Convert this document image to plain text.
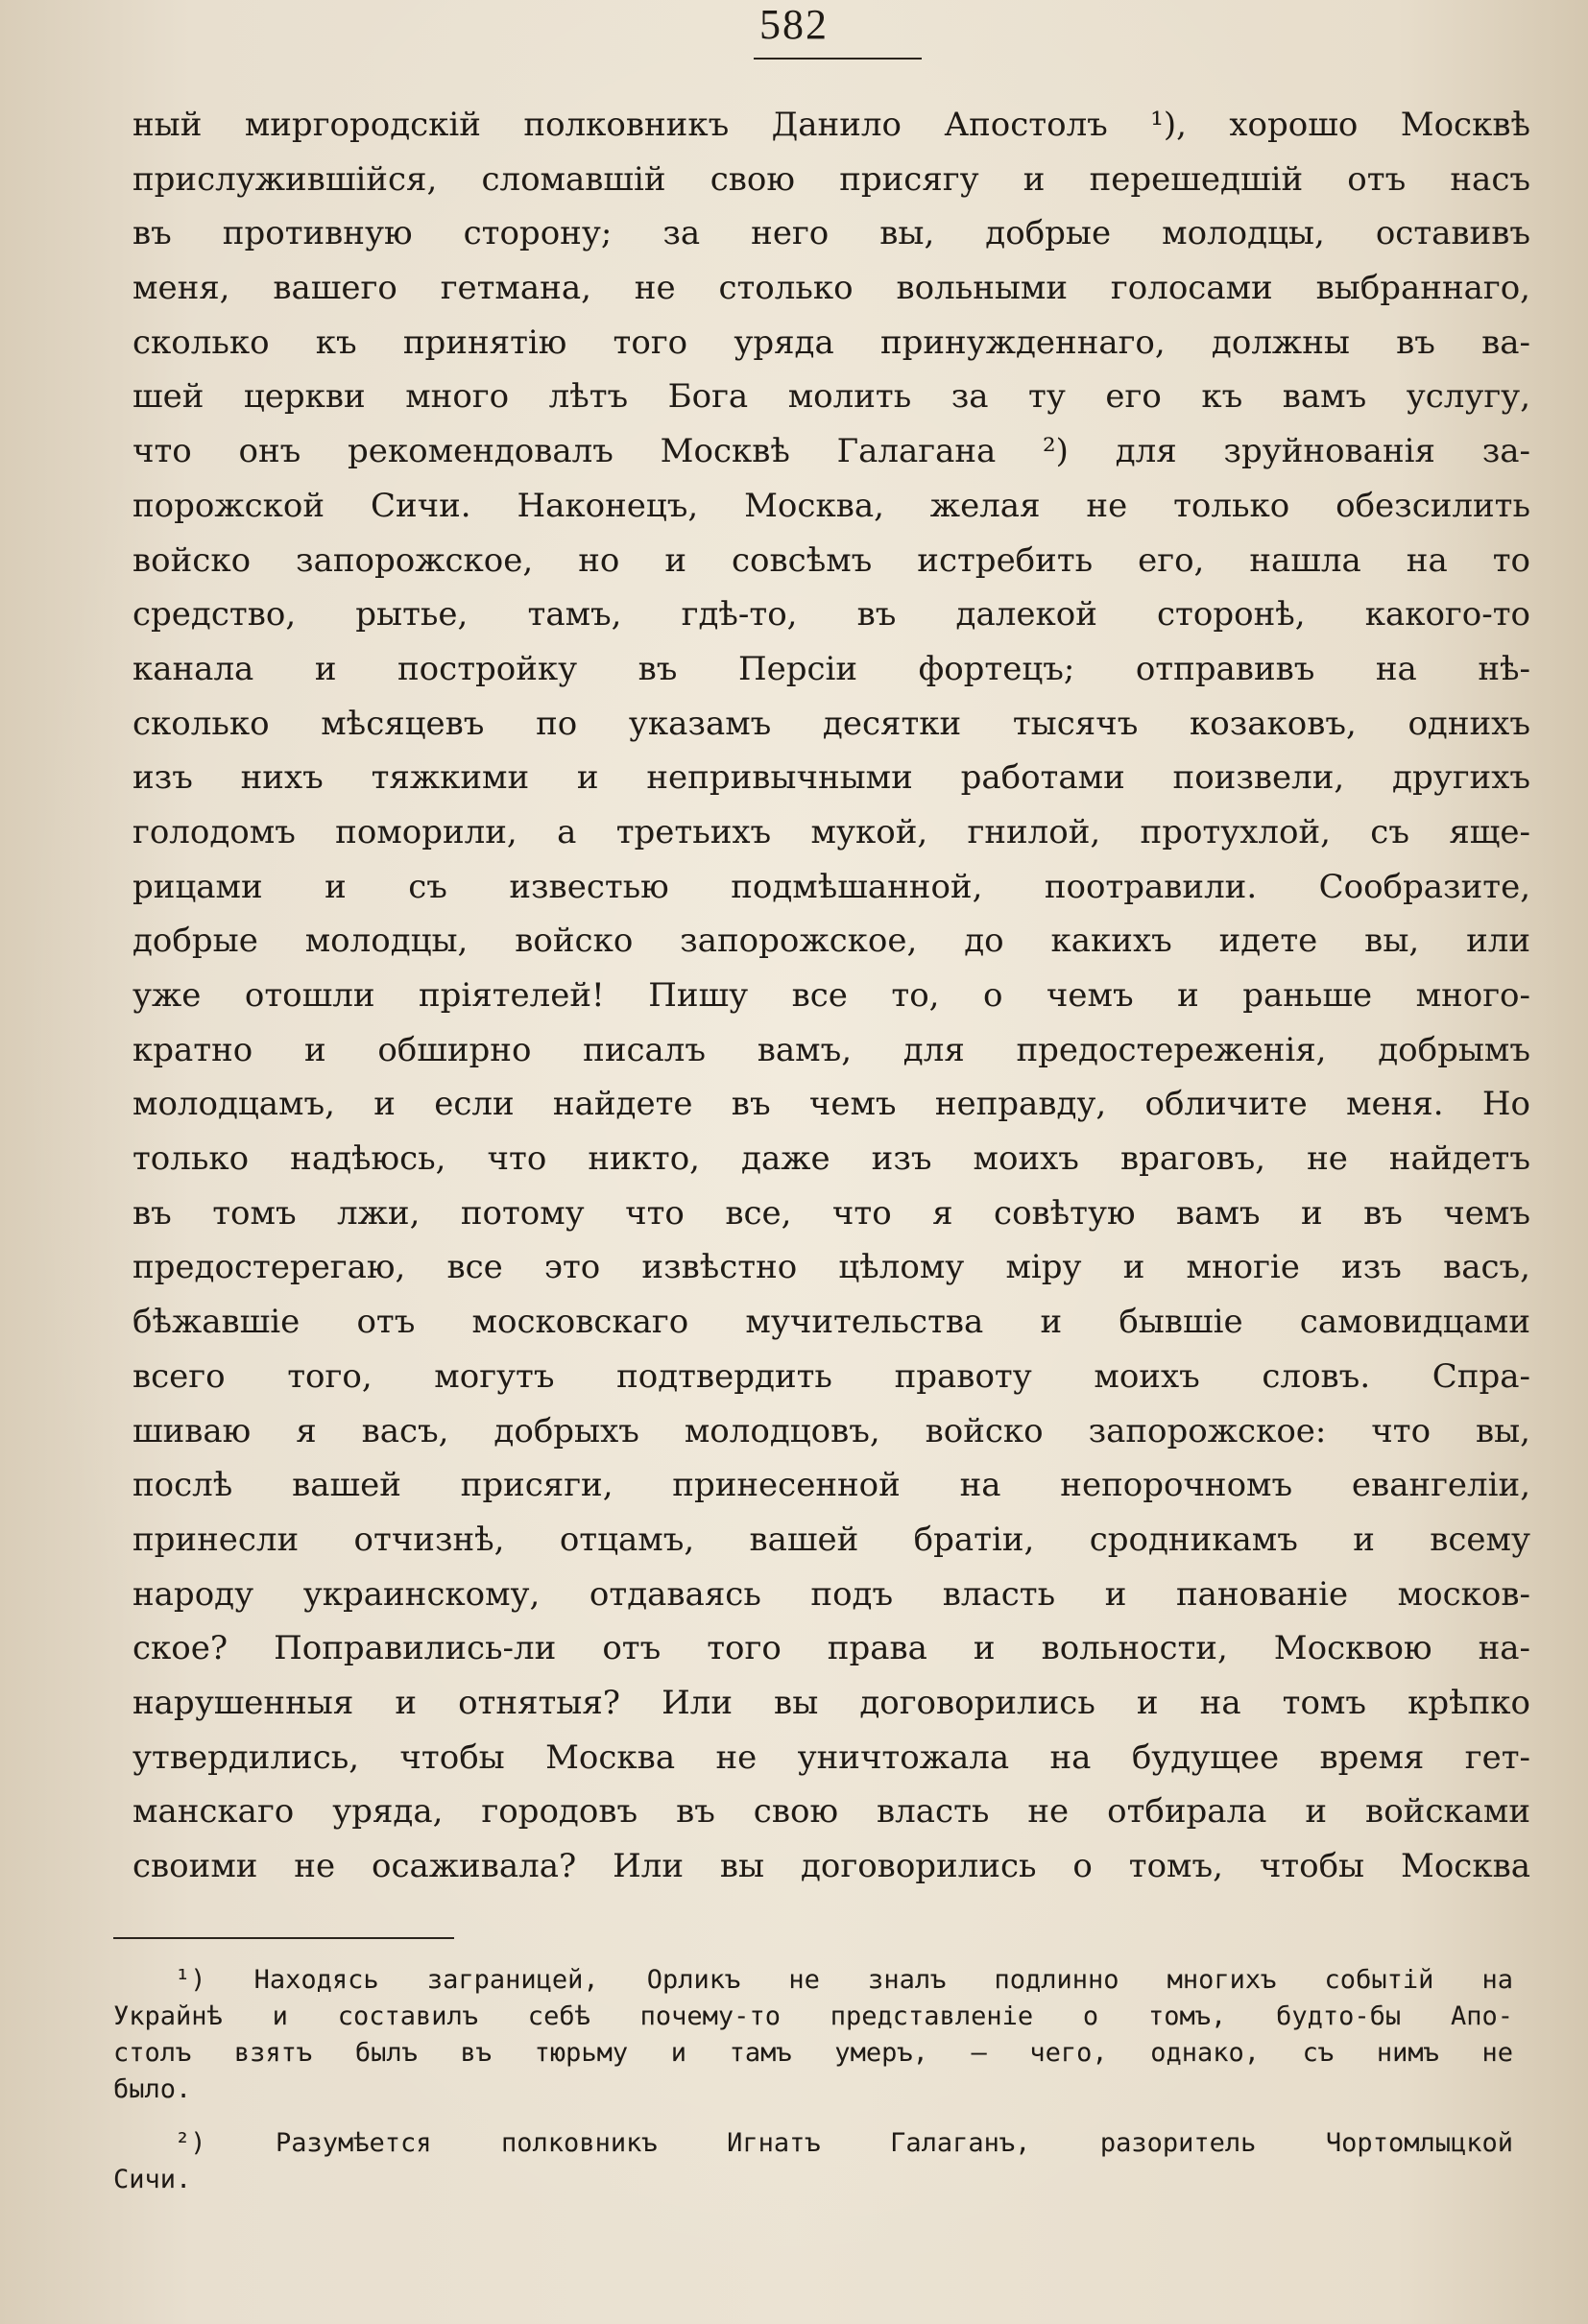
582
ный миргородскій полковникъ Данило Апостолъ ¹), хорошо Москвѣ
прислужившійся, сломавшій свою присягу и перешедшій отъ насъ
въ противную сторону; за него вы, добрые молодцы, оставивъ
меня, вашего гетмана, не столько вольными голосами выбраннаго,
сколько къ принятію того уряда принужденнаго, должны въ ва-
шей церкви много лѣтъ Бога молить за ту его къ вамъ услугу,
что онъ рекомендовалъ Москвѣ Галагана ²) для зруйнованія за-
порожской Сичи. Наконецъ, Москва, желая не только обезсилить
войско запорожское, но и совсѣмъ истребить его, нашла на то
средство, рытье, тамъ, гдѣ-то, въ далекой сторонѣ, какого-то
канала и постройку въ Персіи фортецъ; отправивъ на нѣ-
сколько мѣсяцевъ по указамъ десятки тысячъ козаковъ, однихъ
изъ нихъ тяжкими и непривычными работами поизвели, другихъ
голодомъ поморили, а третьихъ мукой, гнилой, протухлой, съ ящe-
рицами и съ известью подмѣшанной, поотравили. Сообразите,
добрые молодцы, войско запорожское, до какихъ идете вы, или
уже отошли пріятелей! Пишу все то, о чемъ и раньше много-
кратно и обширно писалъ вамъ, для предостереженія, добрымъ
молодцамъ, и если найдете въ чемъ неправду, обличите меня. Но
только надѣюсь, что никто, даже изъ моихъ враговъ, не найдетъ
въ томъ лжи, потому что все, что я совѣтую вамъ и въ чемъ
предостерегаю, все это извѣстно цѣлому міру и многіе изъ васъ,
бѣжавшіе отъ московскаго мучительства и бывшіе самовидцами
всего того, могутъ подтвердить правоту моихъ словъ. Спра-
шиваю я васъ, добрыхъ молодцовъ, войско запорожское: что вы,
послѣ вашей присяги, принесенной на непорочномъ евангеліи,
принесли отчизнѣ, отцамъ, вашей братіи, сродникамъ и всему
народу украинскому, отдаваясь подъ власть и панованіе москов-
ское? Поправились-ли отъ того права и вольности, Москвою на-
нарушенныя и отнятыя? Или вы договорились и на томъ крѣпко
утвердились, чтобы Москва не уничтожала на будущее время гет-
манскаго уряда, городовъ въ свою власть не отбирала и войсками
своими не осаживала? Или вы договорились о томъ, чтобы Москва
¹) Находясь заграницей, Орликъ не зналъ подлинно многихъ событій на
Украйнѣ и составилъ себѣ почему-то представленіе о томъ, будто-бы Апо-
столъ взятъ былъ въ тюрьму и тамъ умеръ, — чего, однако, съ нимъ не
было.
²) Разумѣется полковникъ Игнатъ Галаганъ, разоритель Чортомлыцкой
Сичи.
